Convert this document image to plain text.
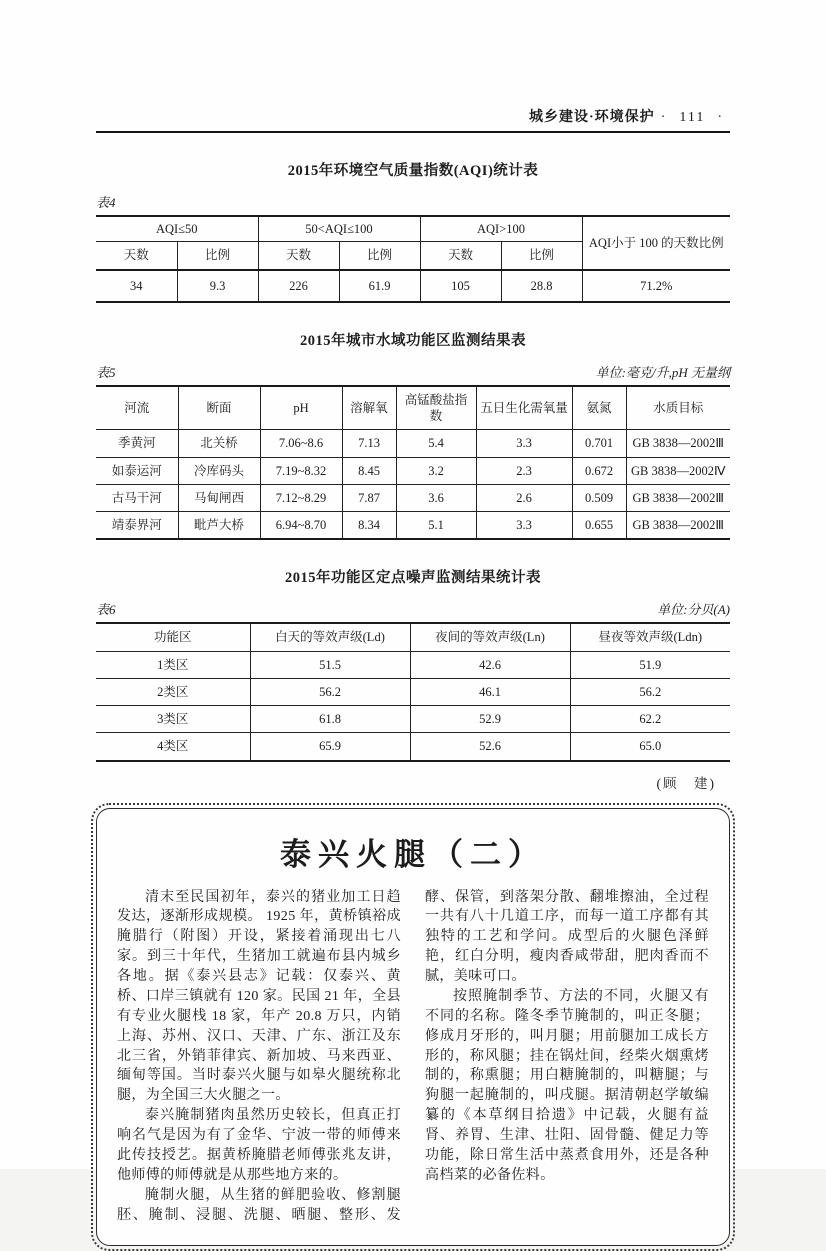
城乡建设·环境保护 · 111 ·
2015年环境空气质量指数(AQI)统计表
表4
AQI≤50		50<AQI≤100		AQI>100		AQI小于 100 的天数比例
天数	比例	天数	比例	天数	比例	
34	9.3	226	61.9	105	28.8	71.2%
2015年城市水域功能区监测结果表
表5	单位:毫克/升,pH 无量纲
河流	断面	pH	溶解氧	高锰酸盐指数	五日生化需氧量	氨氮	水质目标
季黄河	北关桥	7.06~8.6	7.13	5.4	3.3	0.701	GB 3838—2002Ⅲ
如泰运河	冷库码头	7.19~8.32	8.45	3.2	2.3	0.672	GB 3838—2002Ⅳ
古马干河	马甸闸西	7.12~8.29	7.87	3.6	2.6	0.509	GB 3838—2002Ⅲ
靖泰界河	毗芦大桥	6.94~8.70	8.34	5.1	3.3	0.655	GB 3838—2002Ⅲ
2015年功能区定点噪声监测结果统计表
表6	单位:分贝(A)
功能区	白天的等效声级(Ld)	夜间的等效声级(Ln)	昼夜等效声级(Ldn)
1类区	51.5	42.6	51.9
2类区	56.2	46.1	56.2
3类区	61.8	52.9	62.2
4类区	65.9	52.6	65.0
(顾　建)
泰兴火腿（二）

清末至民国初年，泰兴的猪业加工日趋发达，逐渐形成规模。 1925 年，黄桥镇裕成腌腊行（附图）开设，紧接着涌现出七八家。到三十年代，生猪加工就遍布县内城乡各地。据《泰兴县志》记载：仅泰兴、黄桥、口岸三镇就有 120 家。民国 21 年，全县有专业火腿栈 18 家，年产 20.8 万只，内销上海、苏州、汉口、天津、广东、浙江及东北三省，外销菲律宾、新加坡、马来西亚、缅甸等国。当时泰兴火腿与如皋火腿统称北腿，为全国三大火腿之一。

泰兴腌制猪肉虽然历史较长，但真正打响名气是因为有了金华、宁波一带的师傅来此传技授艺。据黄桥腌腊老师傅张兆友讲，他师傅的师傅就是从那些地方来的。

腌制火腿，从生猪的鲜肥验收、修割腿胚、腌制、浸腿、洗腿、晒腿、整形、发酵、保管，到落架分散、翻堆擦油，全过程一共有八十几道工序，而每一道工序都有其独特的工艺和学问。成型后的火腿色泽鲜艳，红白分明，瘦肉香咸带甜，肥肉香而不腻，美味可口。

按照腌制季节、方法的不同，火腿又有不同的名称。隆冬季节腌制的，叫正冬腿；修成月牙形的，叫月腿；用前腿加工成长方形的，称风腿；挂在锅灶间，经柴火烟熏烤制的，称熏腿；用白糖腌制的，叫糖腿；与狗腿一起腌制的，叫戌腿。据清朝赵学敏编纂的《本草纲目拾遗》中记载，火腿有益肾、养胃、生津、壮阳、固骨髓、健足力等功能，除日常生活中蒸煮食用外，还是各种高档菜的必备佐料。
